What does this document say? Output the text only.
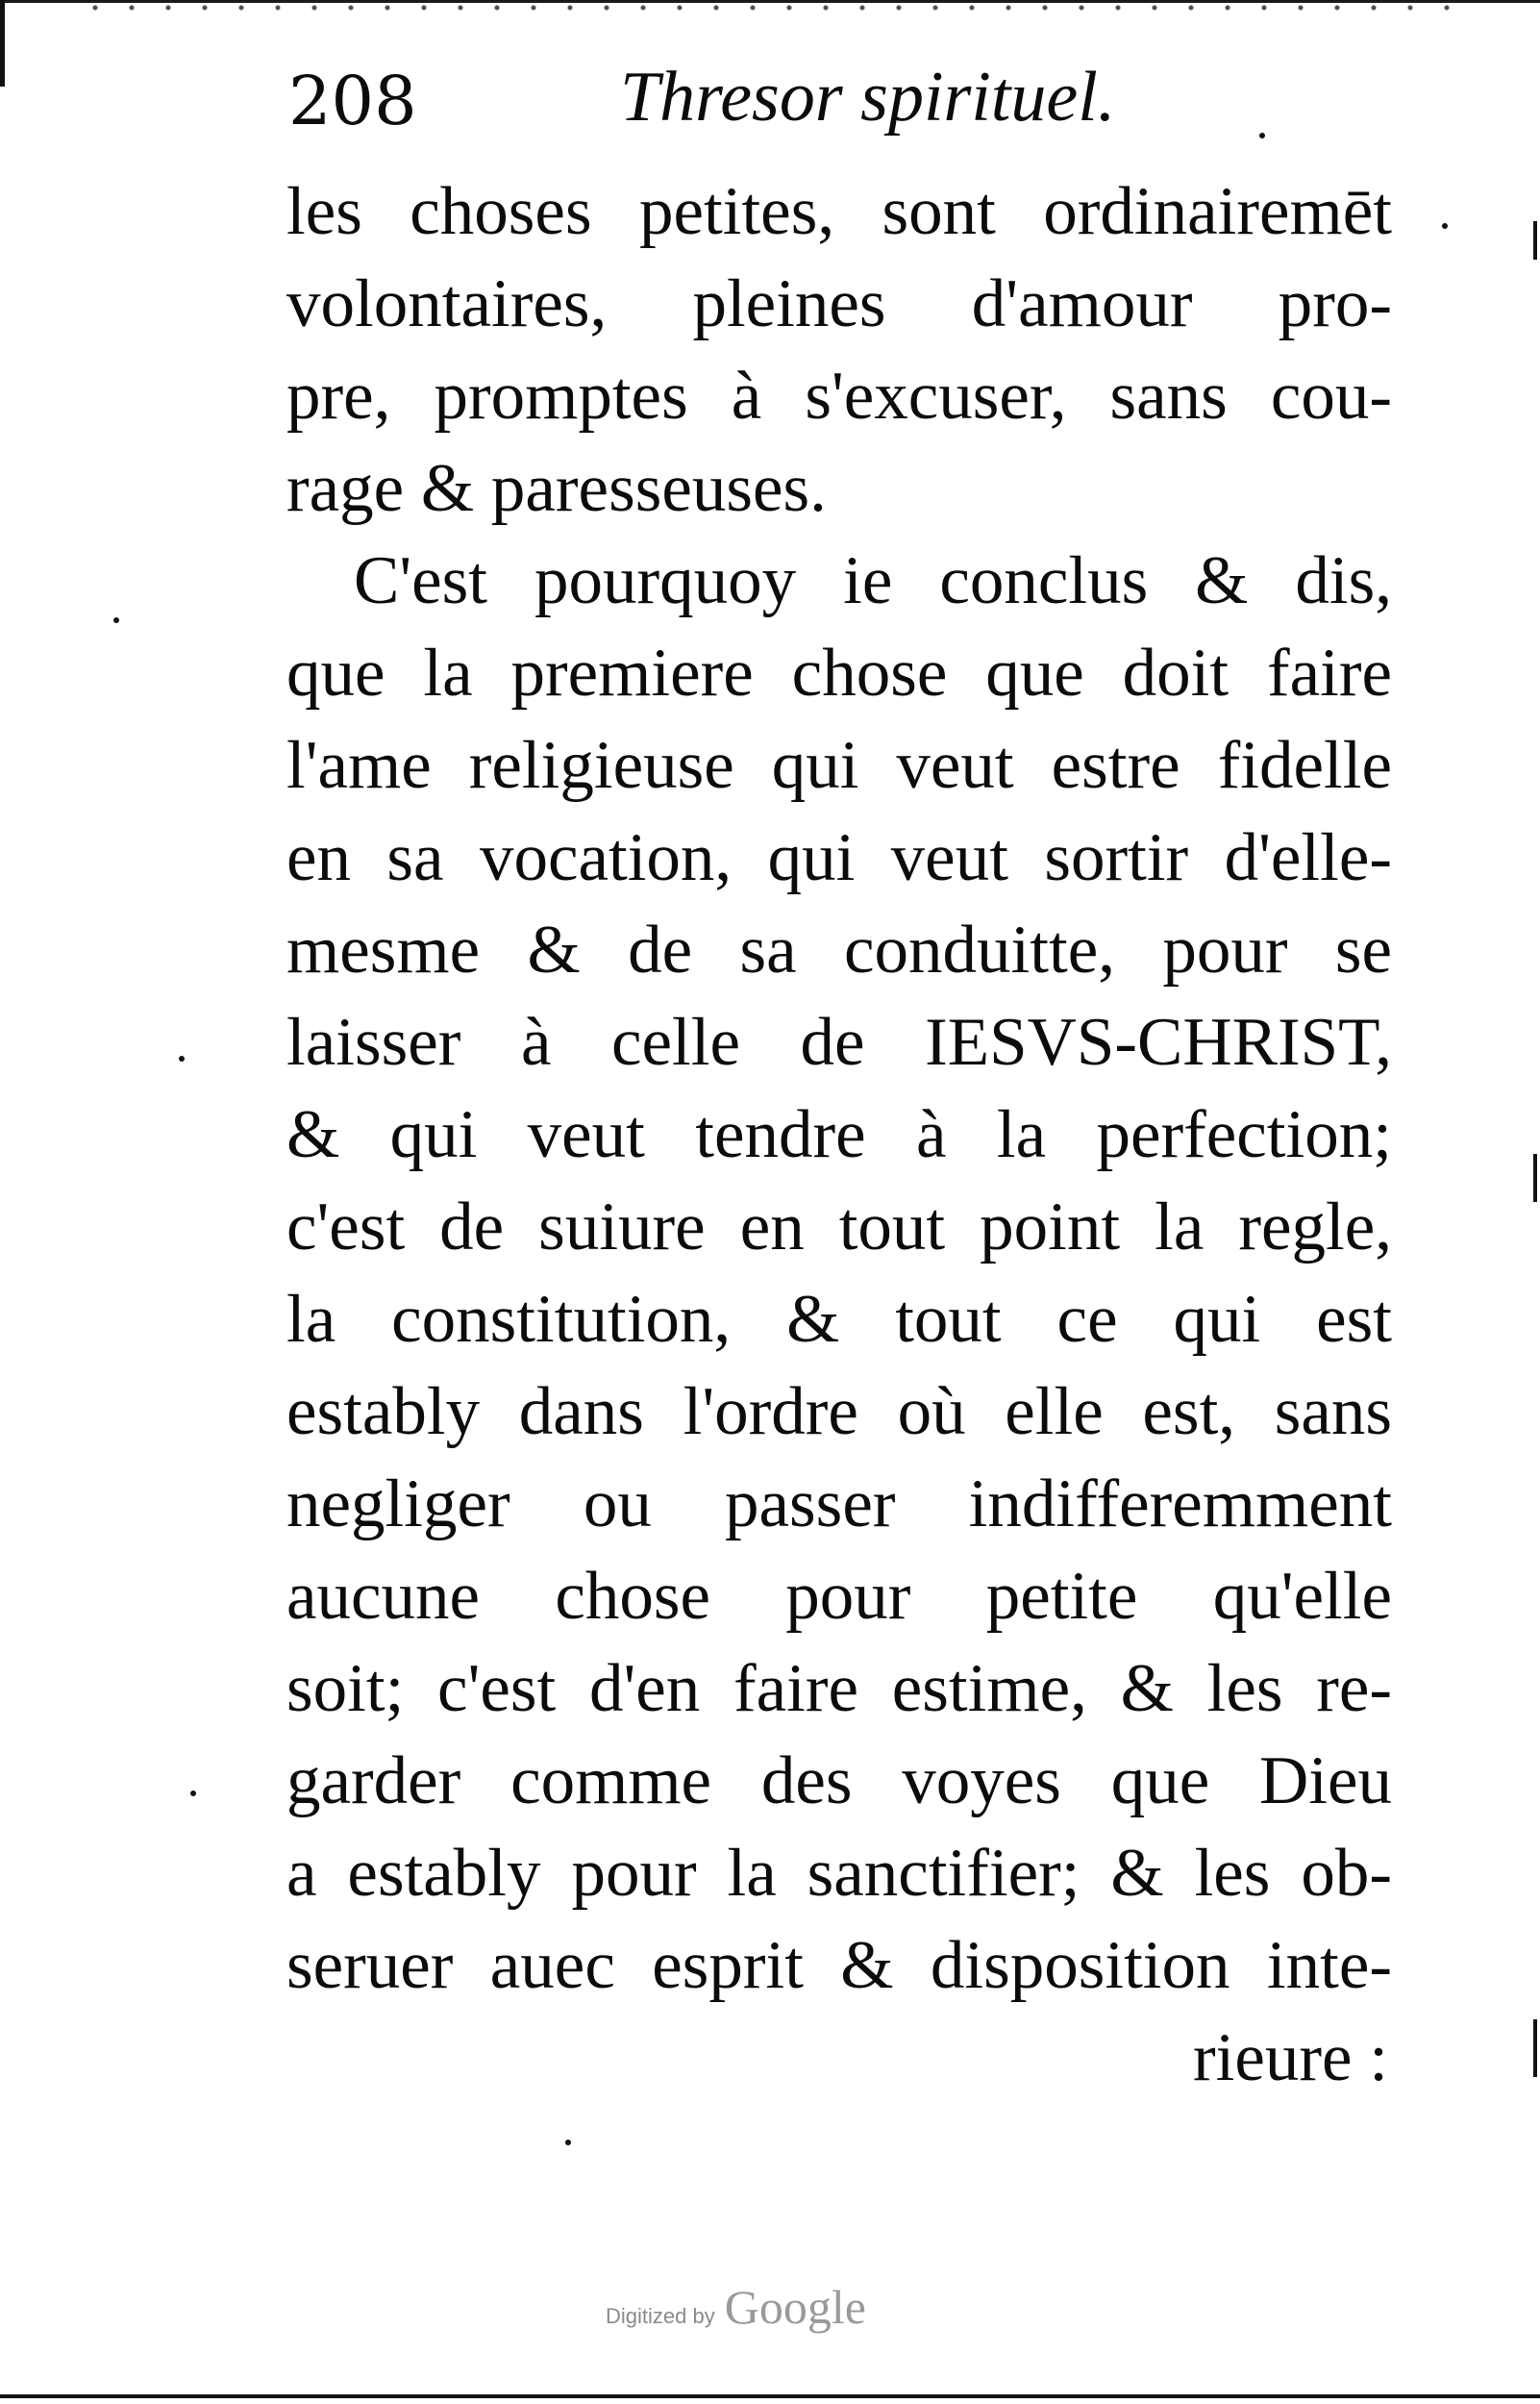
208	Thresor spirituel.
les choses petites, sont ordinairemēt
volontaires, pleines d'amour pro-
pre, promptes à s'excuser, sans cou-
rage & paresseuses.
C'est pourquoy ie conclus & dis,
que la premiere chose que doit faire
l'ame religieuse qui veut estre fidelle
en sa vocation, qui veut sortir d'elle-
mesme & de sa conduitte, pour se
laisser à celle de IESVS-CHRIST,
& qui veut tendre à la perfection;
c'est de suiure en tout point la regle,
la constitution, & tout ce qui est
estably dans l'ordre où elle est, sans
negliger ou passer indifferemment
aucune chose pour petite qu'elle
soit; c'est d'en faire estime, & les re-
garder comme des voyes que Dieu
a estably pour la sanctifier; & les ob-
seruer auec esprit & disposition inte-
rieure :
Digitized by Google
